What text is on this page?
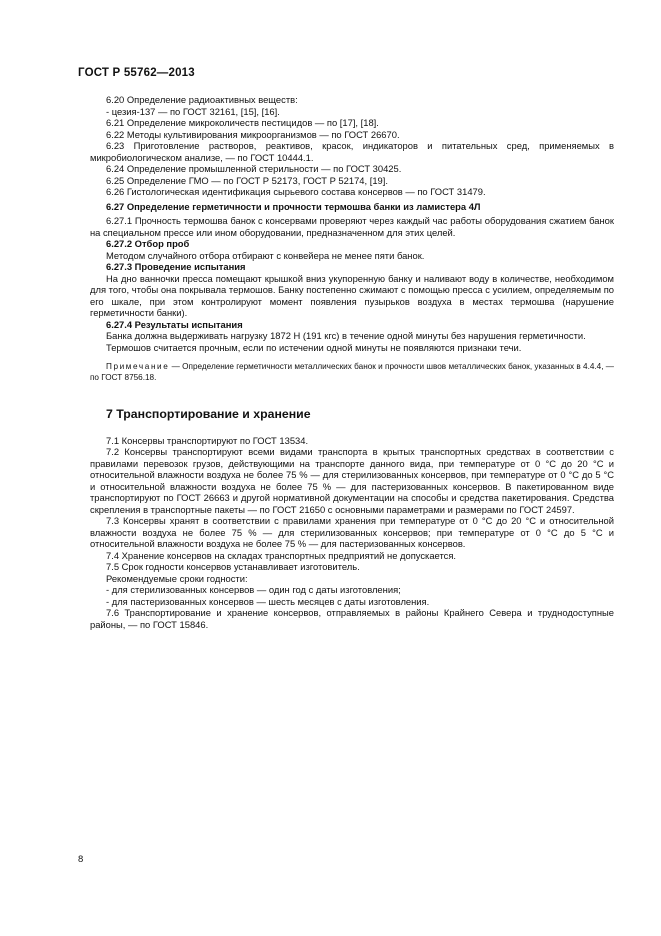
ГОСТ Р 55762—2013

6.20 Определение радиоактивных веществ:

- цезия-137 — по ГОСТ 32161, [15], [16].

6.21 Определение микроколичеств пестицидов — по [17], [18].

6.22 Методы культивирования микроорганизмов — по ГОСТ 26670.

6.23 Приготовление растворов, реактивов, красок, индикаторов и питательных сред, применяемых в микробиологическом анализе, — по ГОСТ 10444.1.

6.24 Определение промышленной стерильности — по ГОСТ 30425.

6.25 Определение ГМО — по ГОСТ Р 52173, ГОСТ Р 52174, [19].

6.26 Гистологическая идентификация сырьевого состава консервов — по ГОСТ 31479.

6.27 Определение герметичности и прочности термошва банки из ламистера 4Л

6.27.1 Прочность термошва банок с консервами проверяют через каждый час работы оборудования сжатием банок на специальном прессе или ином оборудовании, предназначенном для этих целей.

6.27.2 Отбор проб

Методом случайного отбора отбирают с конвейера не менее пяти банок.

6.27.3 Проведение испытания

На дно ванночки пресса помещают крышкой вниз укупоренную банку и наливают воду в количестве, необходимом для того, чтобы она покрывала термошов. Банку постепенно сжимают с помощью пресса с усилием, определяемым по его шкале, при этом контролируют момент появления пузырьков воздуха в местах термошва (нарушение герметичности банки).

6.27.4 Результаты испытания

Банка должна выдерживать нагрузку 1872 Н (191 кгс) в течение одной минуты без нарушения герметичности.

Термошов считается прочным, если по истечении одной минуты не появляются признаки течи.

Примечание — Определение герметичности металлических банок и прочности швов металлических банок, указанных в 4.4.4, — по ГОСТ 8756.18.

7 Транспортирование и хранение

7.1 Консервы транспортируют по ГОСТ 13534.

7.2 Консервы транспортируют всеми видами транспорта в крытых транспортных средствах в соответствии с правилами перевозок грузов, действующими на транспорте данного вида, при температуре от 0 °С до 20 °С и относительной влажности воздуха не более 75 % — для стерилизованных консервов, при температуре от 0 °С до 5 °С и относительной влажности воздуха не более 75 % — для пастеризованных консервов. В пакетированном виде транспортируют по ГОСТ 26663 и другой нормативной документации на способы и средства пакетирования. Средства скрепления в транспортные пакеты — по ГОСТ 21650 с основными параметрами и размерами по ГОСТ 24597.

7.3 Консервы хранят в соответствии с правилами хранения при температуре от 0 °С до 20 °С и относительной влажности воздуха не более 75 % — для стерилизованных консервов; при температуре от 0 °С до 5 °С и относительной влажности воздуха не более 75 % — для пастеризованных консервов.

7.4 Хранение консервов на складах транспортных предприятий не допускается.

7.5 Срок годности консервов устанавливает изготовитель.

Рекомендуемые сроки годности:

- для стерилизованных консервов — один год с даты изготовления;

- для пастеризованных консервов — шесть месяцев с даты изготовления.

7.6 Транспортирование и хранение консервов, отправляемых в районы Крайнего Севера и труднодоступные районы, — по ГОСТ 15846.

8
